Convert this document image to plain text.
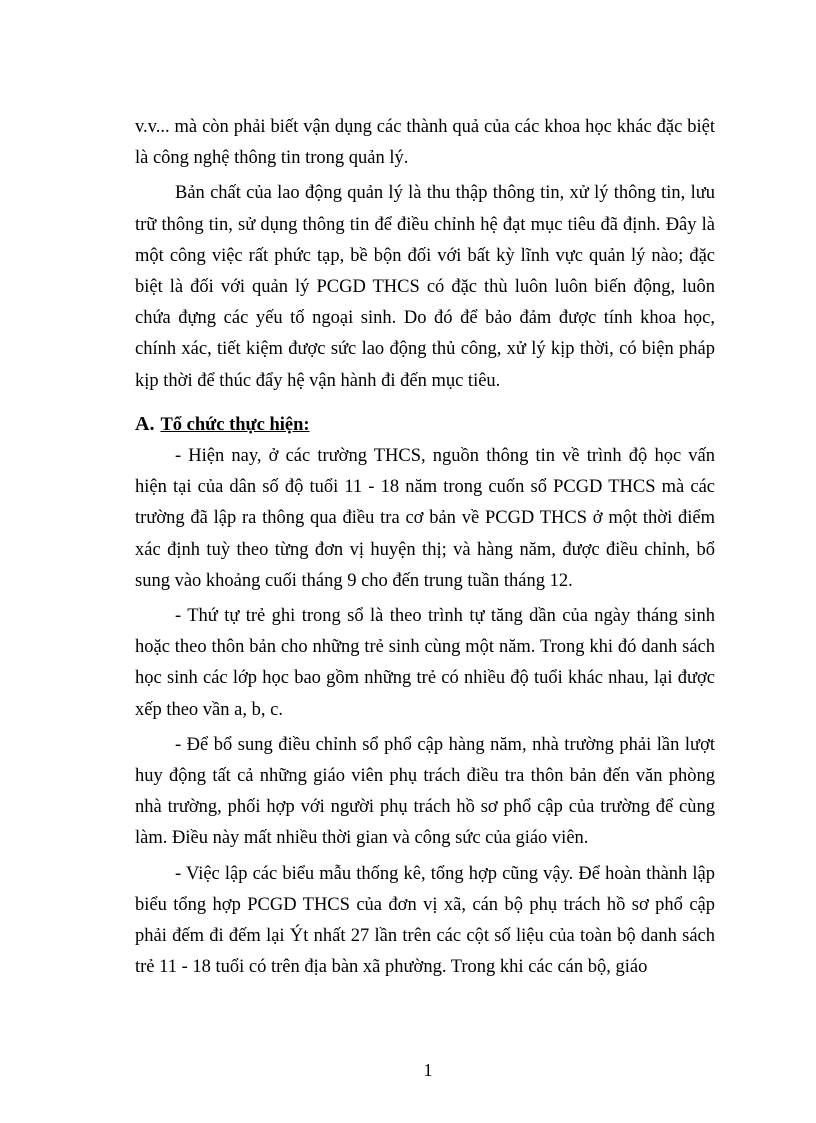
v.v... mà còn phải biết vận dụng các thành quả của các khoa học khác đặc biệt là công nghệ thông tin trong quản lý.

Bản chất của lao động quản lý là thu thập thông tin, xử lý thông tin, lưu trữ thông tin, sử dụng thông tin để điều chỉnh hệ đạt mục tiêu đã định. Đây là một công việc rất phức tạp, bề bộn đối với bất kỳ lĩnh vực quản lý nào; đặc biệt là đối với quản lý PCGD THCS có đặc thù luôn luôn biến động, luôn chứa đựng các yếu tố ngoại sinh. Do đó để bảo đảm được tính khoa học, chính xác, tiết kiệm được sức lao động thủ công, xử lý kịp thời, có biện pháp kịp thời để thúc đẩy hệ vận hành đi đến mục tiêu.

A. Tổ chức thực hiện:

- Hiện nay, ở các trường THCS, nguồn thông tin về trình độ học vấn hiện tại của dân số độ tuổi 11 - 18 năm trong cuốn sổ PCGD THCS mà các trường đã lập ra thông qua điều tra cơ bản về PCGD THCS ở một thời điểm xác định tuỳ theo từng đơn vị huyện thị; và hàng năm, được điều chỉnh, bổ sung vào khoảng cuối tháng 9 cho đến trung tuần tháng 12.

- Thứ tự trẻ ghi trong sổ là theo trình tự tăng dần của ngày tháng sinh hoặc theo thôn bản cho những trẻ sinh cùng một năm. Trong khi đó danh sách học sinh các lớp học bao gồm những trẻ có nhiều độ tuổi khác nhau, lại được xếp theo vần a, b, c.

- Để bổ sung điều chỉnh sổ phổ cập hàng năm, nhà trường phải lần lượt huy động tất cả những giáo viên phụ trách điều tra thôn bản đến văn phòng nhà trường, phối hợp với người phụ trách hồ sơ phổ cập của trường để cùng làm. Điều này mất nhiều thời gian và công sức của giáo viên.

- Việc lập các biểu mẫu thống kê, tổng hợp cũng vậy. Để hoàn thành lập biểu tổng hợp PCGD THCS của đơn vị xã, cán bộ phụ trách hồ sơ phổ cập phải đếm đi đếm lại Ýt nhất 27 lần trên các cột số liệu của toàn bộ danh sách trẻ 11 - 18 tuổi có trên địa bàn xã phường. Trong khi các cán bộ, giáo

1
